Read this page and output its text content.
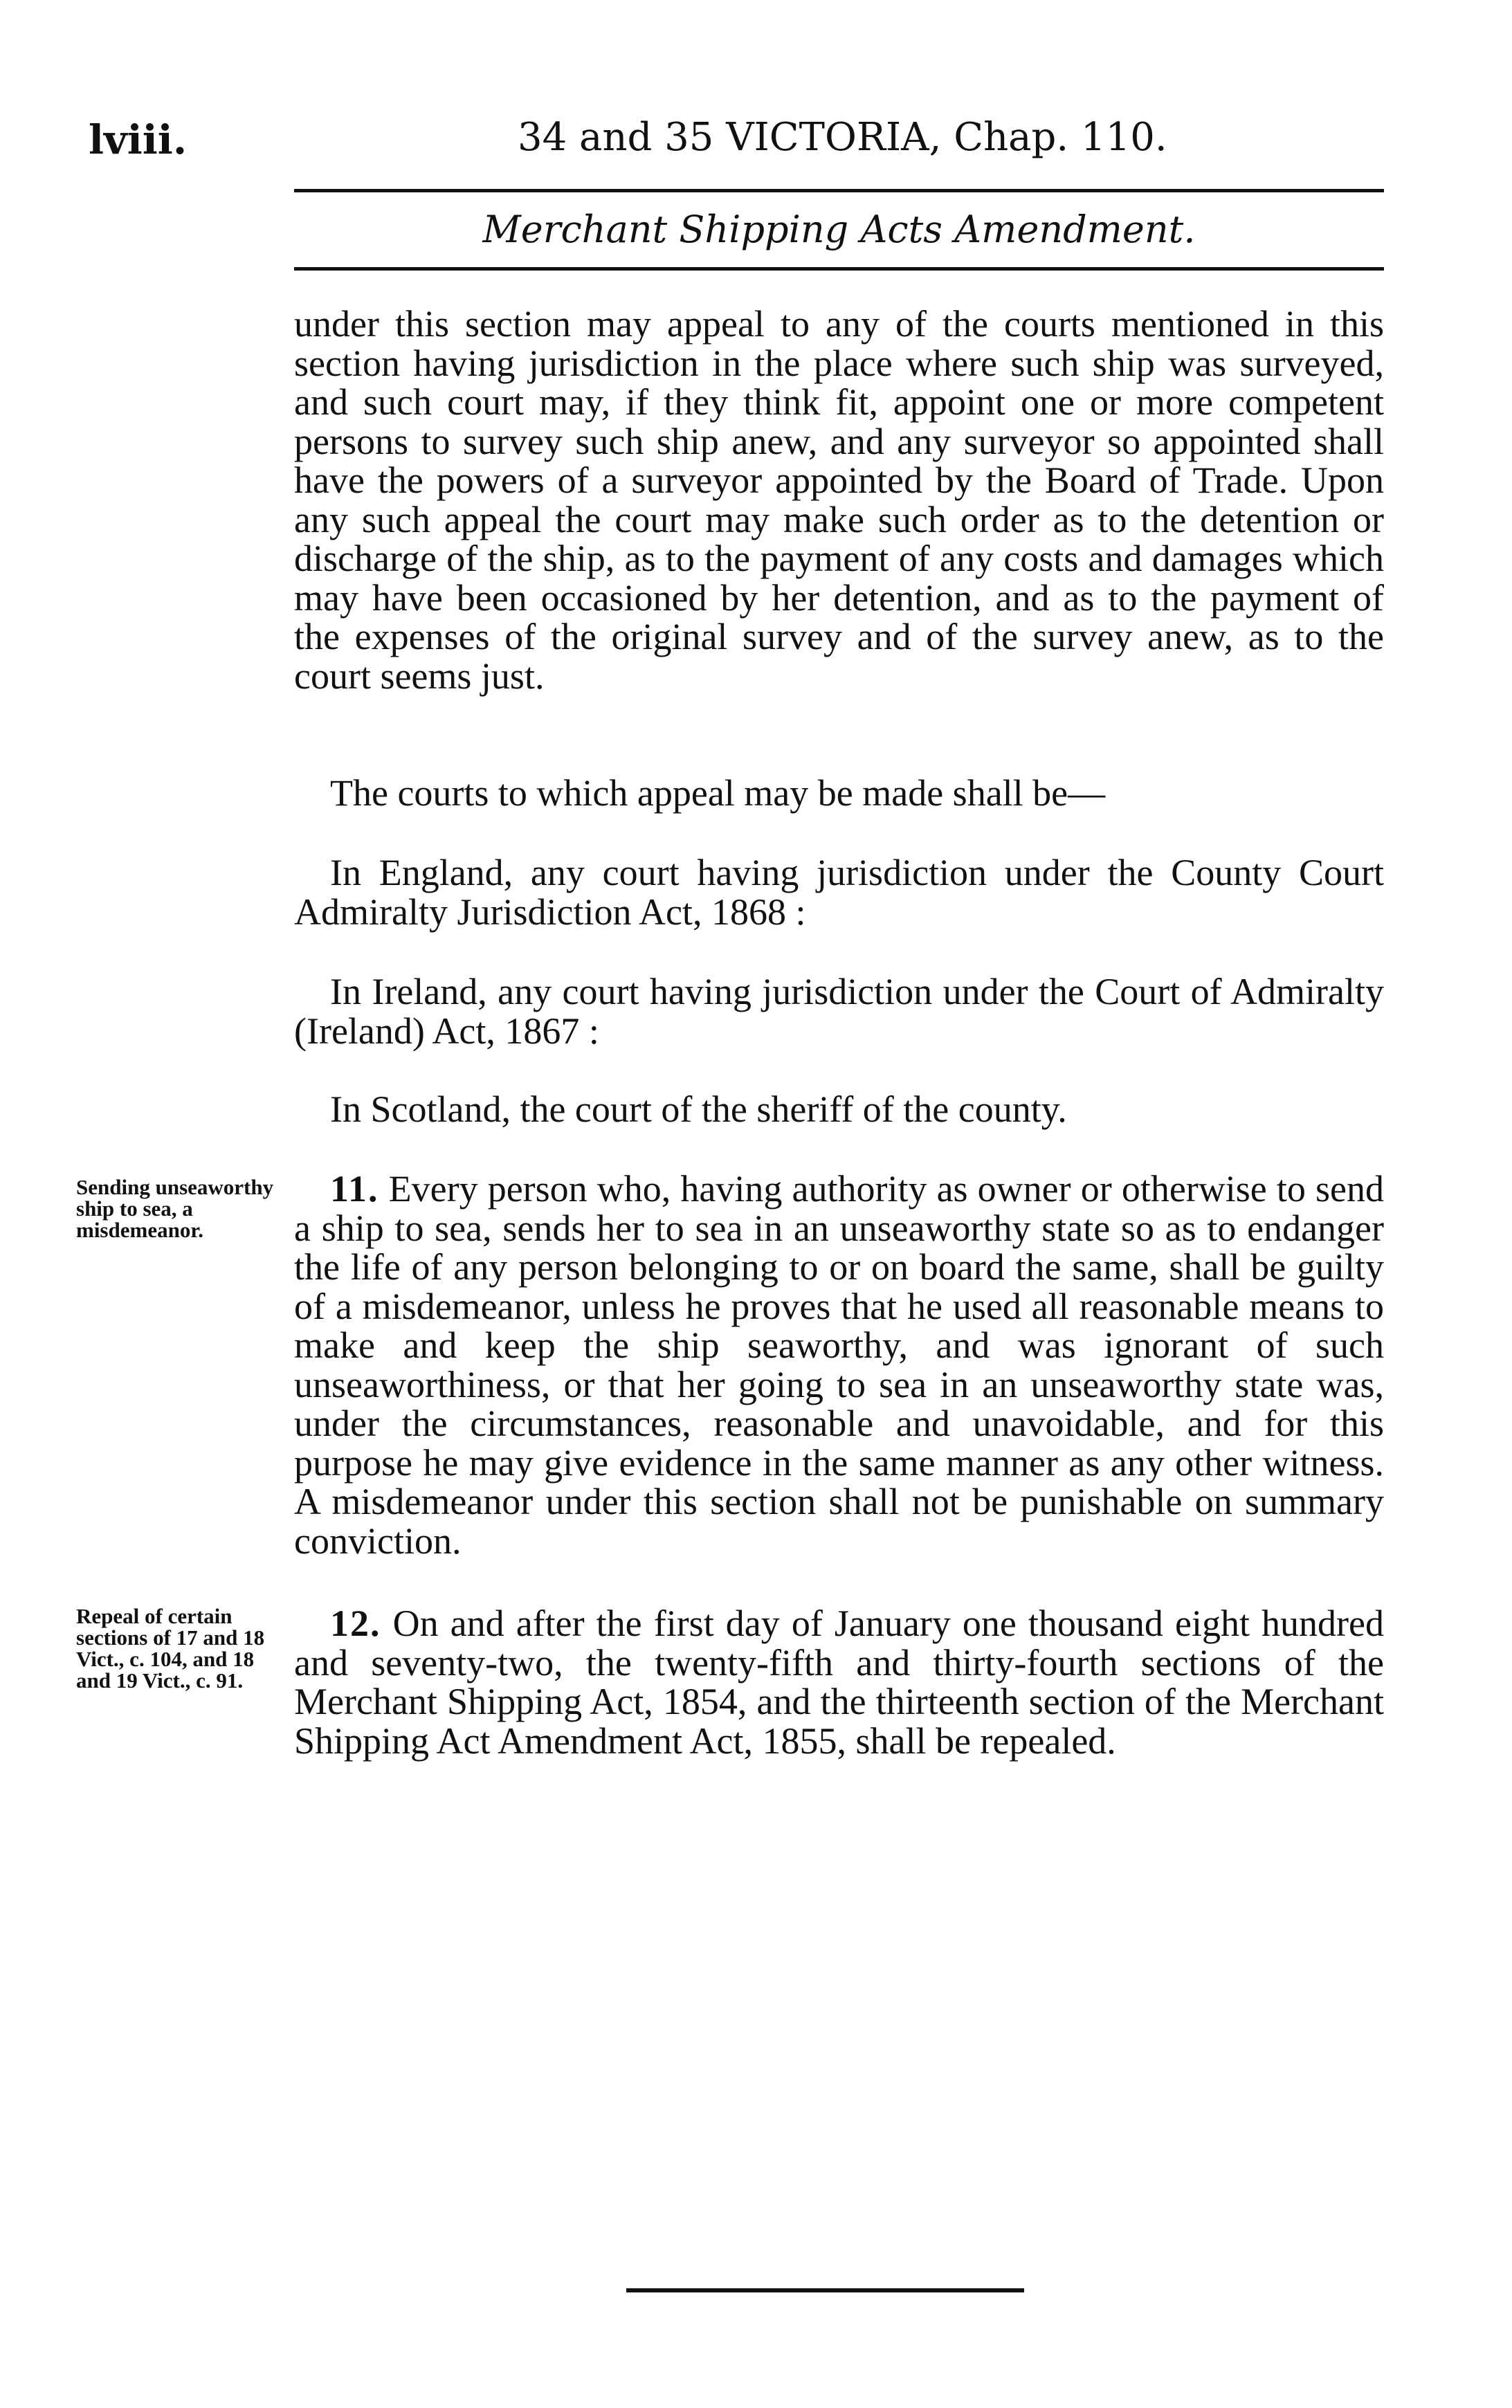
lviii.	34 and 35 VICTORIA, Chap. 110.
Merchant Shipping Acts Amendment.

under this section may appeal to any of the courts mentioned in this section having jurisdiction in the place where such ship was surveyed, and such court may, if they think fit, appoint one or more competent persons to survey such ship anew, and any surveyor so appointed shall have the powers of a surveyor appointed by the Board of Trade. Upon any such appeal the court may make such order as to the detention or discharge of the ship, as to the payment of any costs and damages which may have been occasioned by her detention, and as to the payment of the expenses of the original survey and of the survey anew, as to the court seems just.

The courts to which appeal may be made shall be—

In England, any court having jurisdiction under the County Court Admiralty Jurisdiction Act, 1868 :

In Ireland, any court having jurisdiction under the Court of Admiralty (Ireland) Act, 1867 :

In Scotland, the court of the sheriff of the county.

Sending unseaworthy ship to sea, a misdemeanor.

11. Every person who, having authority as owner or otherwise to send a ship to sea, sends her to sea in an unseaworthy state so as to endanger the life of any person belonging to or on board the same, shall be guilty of a misdemeanor, unless he proves that he used all reasonable means to make and keep the ship seaworthy, and was ignorant of such unseaworthiness, or that her going to sea in an unseaworthy state was, under the circumstances, reasonable and unavoidable, and for this purpose he may give evidence in the same manner as any other witness. A misdemeanor under this section shall not be punishable on summary conviction.

Repeal of certain sections of 17 and 18 Vict., c. 104, and 18 and 19 Vict., c. 91.

12. On and after the first day of January one thousand eight hundred and seventy-two, the twenty-fifth and thirty-fourth sections of the Merchant Shipping Act, 1854, and the thirteenth section of the Merchant Shipping Act Amendment Act, 1855, shall be repealed.
